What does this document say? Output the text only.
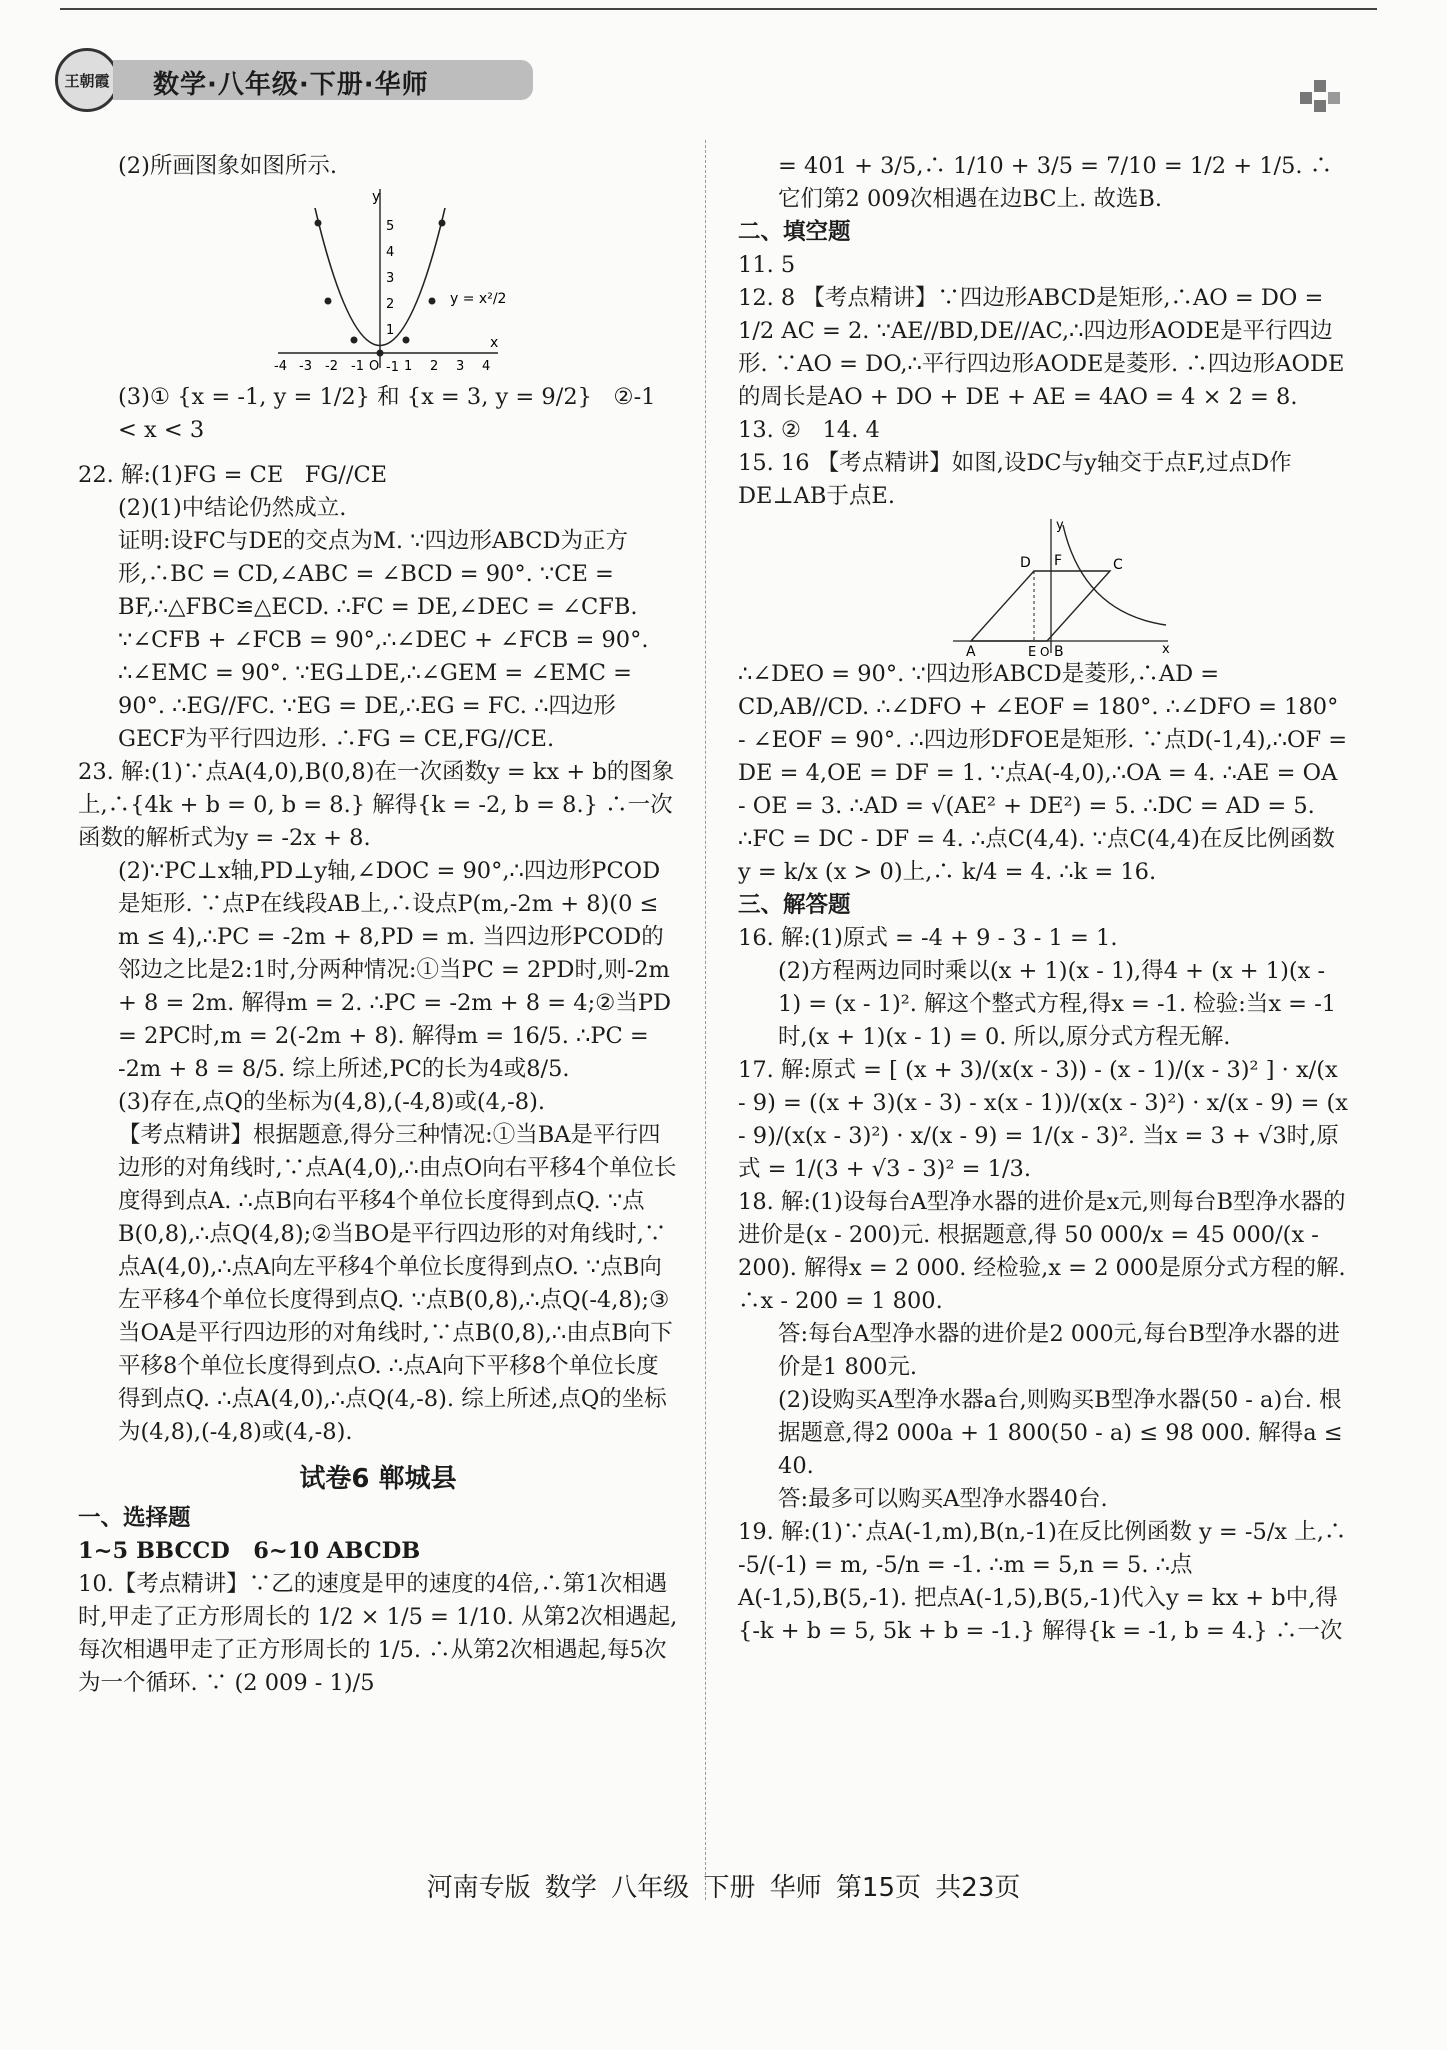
王朝霞 数学·八年级·下册·华师

(2)所画图象如图所示.

y
x
5
4
3
2
1
-1
-4 -3 -2 -1 O 1 2 3 4
y = x²/2

(3)① {x = -1, y = 1/2} 和 {x = 3, y = 9/2}   ②-1 < x < 3

22. 解:(1)FG = CE   FG//CE

(2)(1)中结论仍然成立.

证明:设FC与DE的交点为M. ∵四边形ABCD为正方形,∴BC = CD,∠ABC = ∠BCD = 90°. ∵CE = BF,∴△FBC≌△ECD. ∴FC = DE,∠DEC = ∠CFB. ∵∠CFB + ∠FCB = 90°,∴∠DEC + ∠FCB = 90°. ∴∠EMC = 90°. ∵EG⊥DE,∴∠GEM = ∠EMC = 90°. ∴EG//FC. ∵EG = DE,∴EG = FC. ∴四边形GECF为平行四边形. ∴FG = CE,FG//CE.

23. 解:(1)∵点A(4,0),B(0,8)在一次函数y = kx + b的图象上,∴{4k + b = 0, b = 8.} 解得{k = -2, b = 8.} ∴一次函数的解析式为y = -2x + 8.

(2)∵PC⊥x轴,PD⊥y轴,∠DOC = 90°,∴四边形PCOD是矩形. ∵点P在线段AB上,∴设点P(m,-2m + 8)(0 ≤ m ≤ 4),∴PC = -2m + 8,PD = m. 当四边形PCOD的邻边之比是2:1时,分两种情况:①当PC = 2PD时,则-2m + 8 = 2m. 解得m = 2. ∴PC = -2m + 8 = 4;②当PD = 2PC时,m = 2(-2m + 8). 解得m = 16/5. ∴PC = -2m + 8 = 8/5. 综上所述,PC的长为4或8/5.

(3)存在,点Q的坐标为(4,8),(-4,8)或(4,-8).

【考点精讲】根据题意,得分三种情况:①当BA是平行四边形的对角线时,∵点A(4,0),∴由点O向右平移4个单位长度得到点A. ∴点B向右平移4个单位长度得到点Q. ∵点B(0,8),∴点Q(4,8);②当BO是平行四边形的对角线时,∵点A(4,0),∴点A向左平移4个单位长度得到点O. ∵点B向左平移4个单位长度得到点Q. ∵点B(0,8),∴点Q(-4,8);③当OA是平行四边形的对角线时,∵点B(0,8),∴由点B向下平移8个单位长度得到点O. ∴点A向下平移8个单位长度得到点Q. ∴点A(4,0),∴点Q(4,-8). 综上所述,点Q的坐标为(4,8),(-4,8)或(4,-8).

试卷6 郸城县

一、选择题

1~5 BBCCD   6~10 ABCDB

10.【考点精讲】∵乙的速度是甲的速度的4倍,∴第1次相遇时,甲走了正方形周长的 1/2 × 1/5 = 1/10. 从第2次相遇起,每次相遇甲走了正方形周长的 1/5. ∴从第2次相遇起,每5次为一个循环. ∵ (2 009 - 1)/5

= 401 + 3/5,∴ 1/10 + 3/5 = 7/10 = 1/2 + 1/5. ∴它们第2 009次相遇在边BC上. 故选B.

二、填空题

11. 5

12. 8 【考点精讲】∵四边形ABCD是矩形,∴AO = DO = 1/2 AC = 2. ∵AE//BD,DE//AC,∴四边形AODE是平行四边形. ∵AO = DO,∴平行四边形AODE是菱形. ∴四边形AODE的周长是AO + DO + DE + AE = 4AO = 4 × 2 = 8.

13. ②   14. 4

15. 16 【考点精讲】如图,设DC与y轴交于点F,过点D作DE⊥AB于点E.

y
x
D F	C
A	E O B

∴∠DEO = 90°. ∵四边形ABCD是菱形,∴AD = CD,AB//CD. ∴∠DFO + ∠EOF = 180°. ∴∠DFO = 180° - ∠EOF = 90°. ∴四边形DFOE是矩形. ∵点D(-1,4),∴OF = DE = 4,OE = DF = 1. ∵点A(-4,0),∴OA = 4. ∴AE = OA - OE = 3. ∴AD = √(AE² + DE²) = 5. ∴DC = AD = 5. ∴FC = DC - DF = 4. ∴点C(4,4). ∵点C(4,4)在反比例函数 y = k/x (x > 0)上,∴ k/4 = 4. ∴k = 16.

三、解答题

16. 解:(1)原式 = -4 + 9 - 3 - 1 = 1.

(2)方程两边同时乘以(x + 1)(x - 1),得4 + (x + 1)(x - 1) = (x - 1)². 解这个整式方程,得x = -1. 检验:当x = -1时,(x + 1)(x - 1) = 0. 所以,原分式方程无解.

17. 解:原式 = [ (x + 3)/(x(x - 3)) - (x - 1)/(x - 3)² ] · x/(x - 9) = ((x + 3)(x - 3) - x(x - 1))/(x(x - 3)²) · x/(x - 9) = (x - 9)/(x(x - 3)²) · x/(x - 9) = 1/(x - 3)². 当x = 3 + √3时,原式 = 1/(3 + √3 - 3)² = 1/3.

18. 解:(1)设每台A型净水器的进价是x元,则每台B型净水器的进价是(x - 200)元. 根据题意,得 50 000/x = 45 000/(x - 200). 解得x = 2 000. 经检验,x = 2 000是原分式方程的解. ∴x - 200 = 1 800.

答:每台A型净水器的进价是2 000元,每台B型净水器的进价是1 800元.

(2)设购买A型净水器a台,则购买B型净水器(50 - a)台. 根据题意,得2 000a + 1 800(50 - a) ≤ 98 000. 解得a ≤ 40.

答:最多可以购买A型净水器40台.

19. 解:(1)∵点A(-1,m),B(n,-1)在反比例函数 y = -5/x 上,∴ -5/(-1) = m, -5/n = -1. ∴m = 5,n = 5. ∴点A(-1,5),B(5,-1). 把点A(-1,5),B(5,-1)代入y = kx + b中,得{-k + b = 5, 5k + b = -1.} 解得{k = -1, b = 4.} ∴一次

河南专版 数学 八年级 下册 华师 第15页 共23页
